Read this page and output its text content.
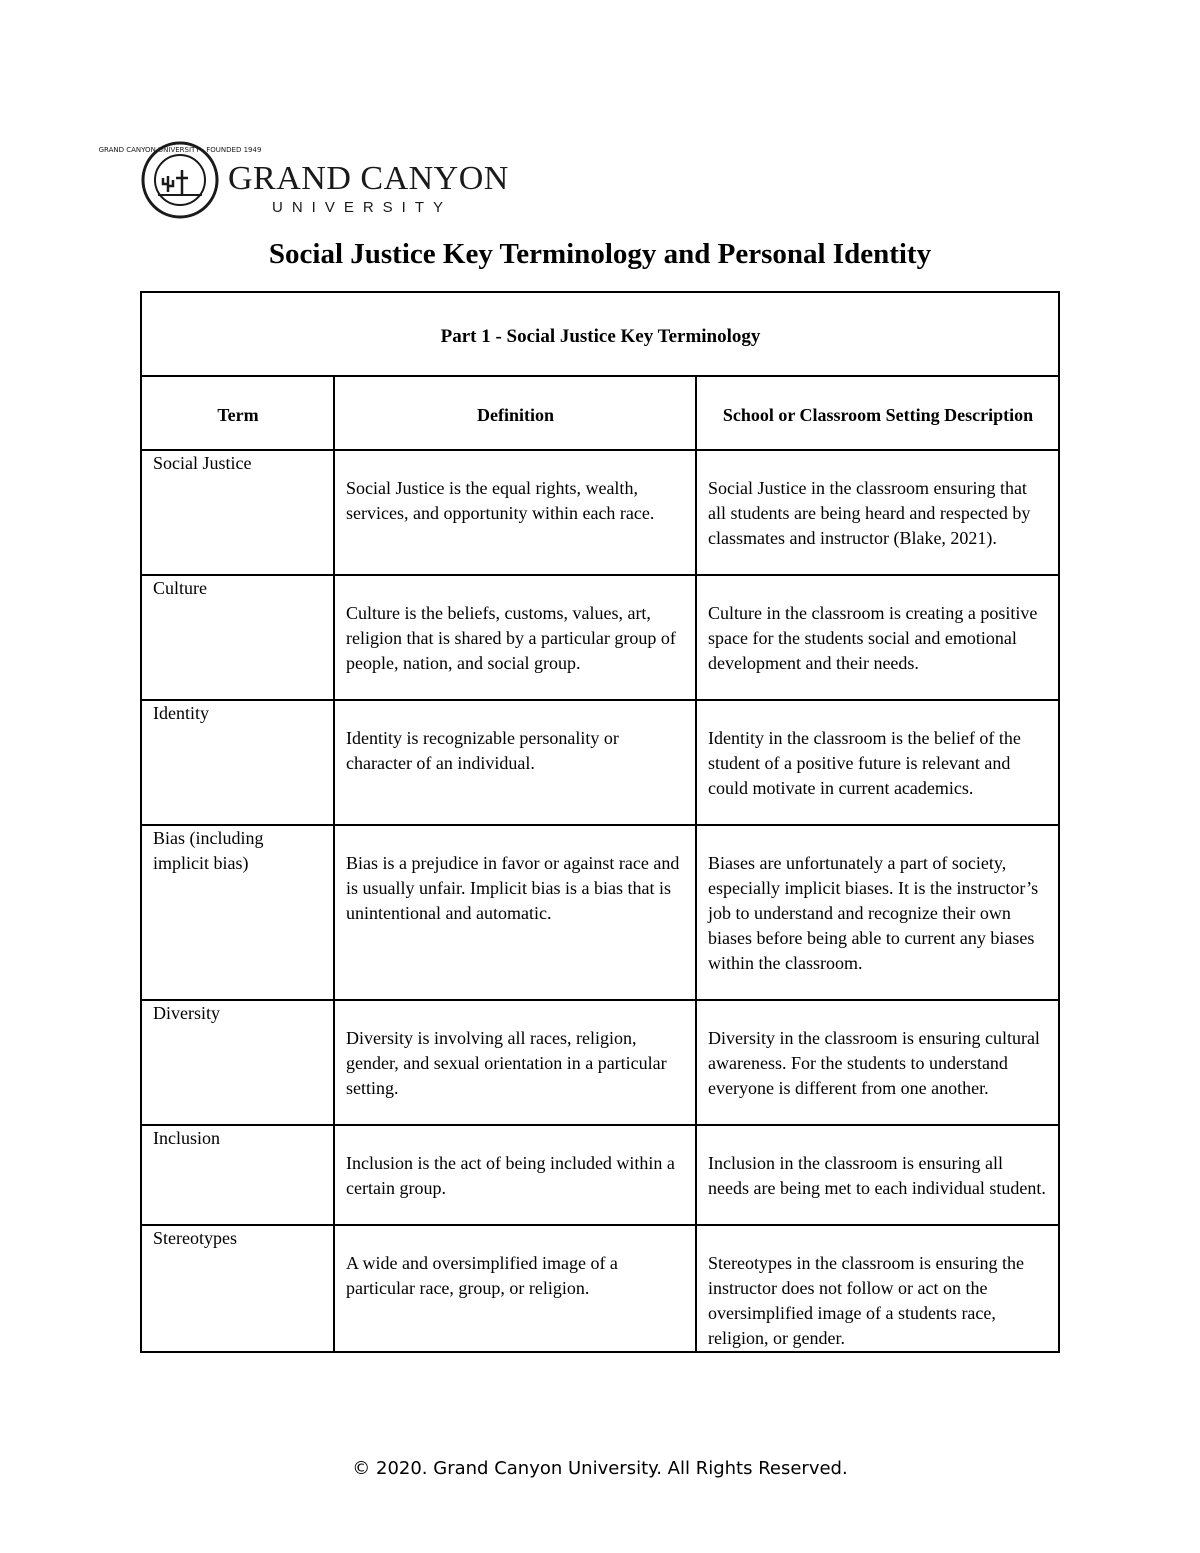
GRAND CANYON UNIVERSITY · FOUNDED 1949
GRAND CANYON
UNIVERSITY
Social Justice Key Terminology and Personal Identity
Part 1 - Social Justice Key Terminology		
Term	Definition	School or Classroom Setting Description
Social Justice	Social Justice is the equal rights, wealth, services, and opportunity within each race.	Social Justice in the classroom ensuring that all students are being heard and respected by classmates and instructor (Blake, 2021).
Culture	Culture is the beliefs, customs, values, art, religion that is shared by a particular group of people, nation, and social group.	Culture in the classroom is creating a positive space for the students social and emotional development and their needs.
Identity	Identity is recognizable personality or character of an individual.	Identity in the classroom is the belief of the student of a positive future is relevant and could motivate in current academics.
Bias (including implicit bias)	Bias is a prejudice in favor or against race and is usually unfair. Implicit bias is a bias that is unintentional and automatic.	Biases are unfortunately a part of society, especially implicit biases. It is the instructor’s job to understand and recognize their own biases before being able to current any biases within the classroom.
Diversity	Diversity is involving all races, religion, gender, and sexual orientation in a particular setting.	Diversity in the classroom is ensuring cultural awareness. For the students to understand everyone is different from one another.
Inclusion	Inclusion is the act of being included within a certain group.	Inclusion in the classroom is ensuring all needs are being met to each individual student.
Stereotypes	A wide and oversimplified image of a particular race, group, or religion.	Stereotypes in the classroom is ensuring the instructor does not follow or act on the oversimplified image of a students race, religion, or gender.
© 2020. Grand Canyon University. All Rights Reserved.
